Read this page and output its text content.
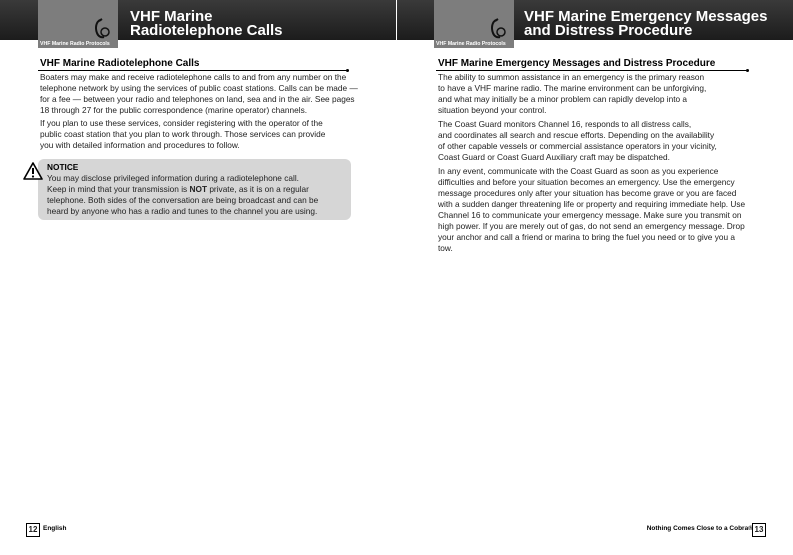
VHF Marine Radio Protocols
VHF Marine
Radiotelephone Calls
VHF Marine Radio Protocols
VHF Marine Emergency Messages
and Distress Procedure
VHF Marine Radiotelephone Calls

Boaters may make and receive radiotelephone calls to and from any number on the
telephone network by using the services of public coast stations. Calls can be made —
for a fee — between your radio and telephones on land, sea and in the air. See pages
18 through 27 for the public correspondence (marine operator) channels.

If you plan to use these services, consider registering with the operator of the
public coast station that you plan to work through. Those services can provide
you with detailed information and procedures to follow.

NOTICE

You may disclose privileged information during a radiotelephone call.
Keep in mind that your transmission is NOT private, as it is on a regular
telephone. Both sides of the conversation are being broadcast and can be
heard by anyone who has a radio and tunes to the channel you are using.

VHF Marine Emergency Messages and Distress Procedure

The ability to summon assistance in an emergency is the primary reason
to have a VHF marine radio. The marine environment can be unforgiving,
and what may initially be a minor problem can rapidly develop into a
situation beyond your control.

The Coast Guard monitors Channel 16, responds to all distress calls,
and coordinates all search and rescue efforts. Depending on the availability
of other capable vessels or commercial assistance operators in your vicinity,
Coast Guard or Coast Guard Auxiliary craft may be dispatched.

In any event, communicate with the Coast Guard as soon as you experience
difficulties and before your situation becomes an emergency. Use the emergency
message procedures only after your situation has become grave or you are faced
with a sudden danger threatening life or property and requiring immediate help. Use
Channel 16 to communicate your emergency message. Make sure you transmit on
high power. If you are merely out of gas, do not send an emergency message. Drop
your anchor and call a friend or marina to bring the fuel you need or to give you a
tow.

12 English	Nothing Comes Close to a Cobra® 13
